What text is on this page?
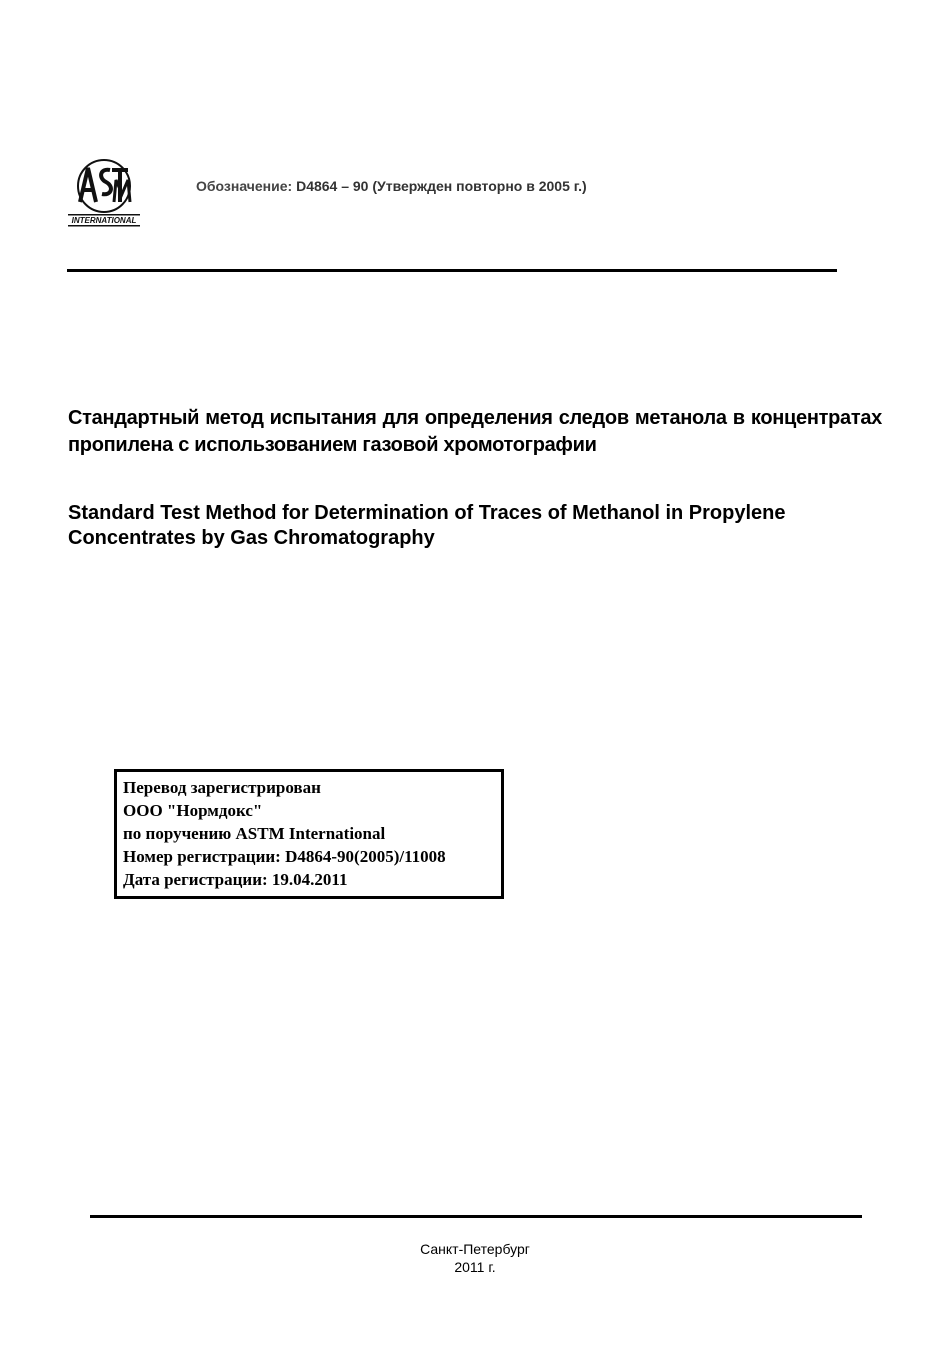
INTERNATIONAL
Обозначение: D4864 – 90 (Утвержден повторно в 2005 г.)
Стандартный метод испытания для определения следов метанола в концентратах пропилена с использованием газовой хромотографии
Standard Test Method for Determination of Traces of Methanol in Propylene
Concentrates by Gas Chromatography
Перевод зарегистрирован
ООО "Нормдокс"
по поручению ASTM International
Номер регистрации: D4864-90(2005)/11008
Дата регистрации: 19.04.2011
Санкт-Петербург
2011 г.
